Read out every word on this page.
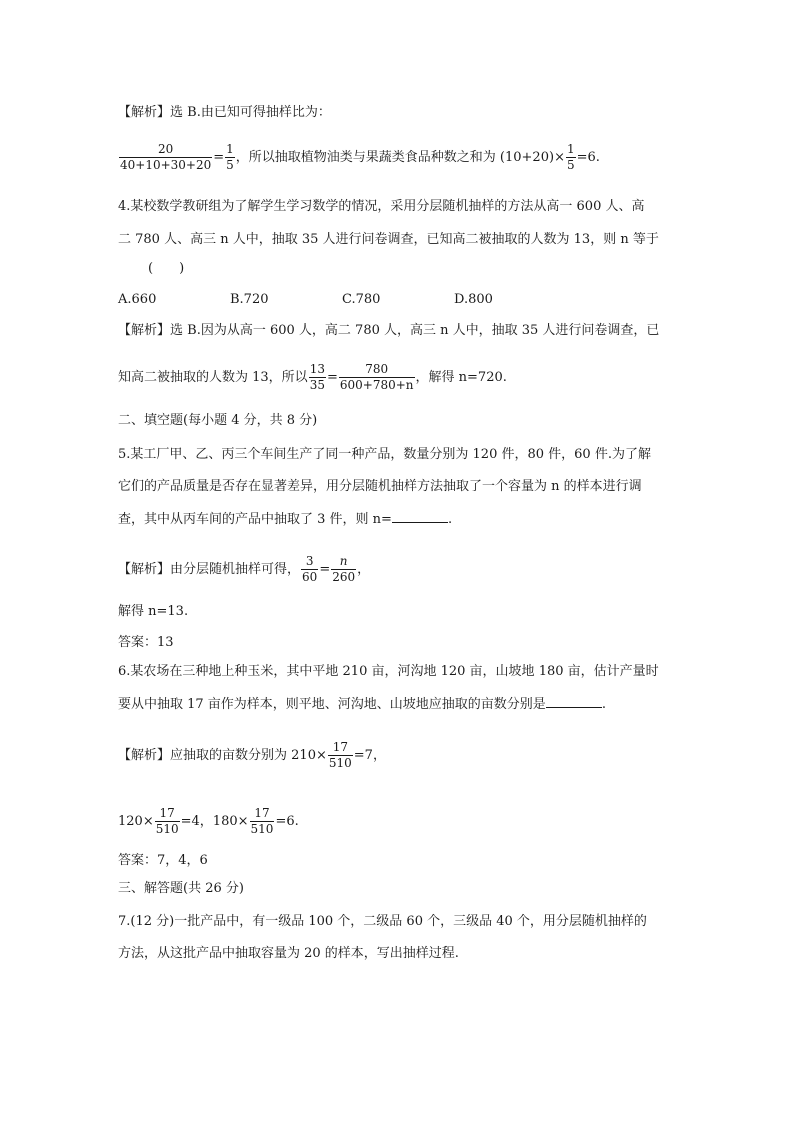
【解析】选 B.由已知可得抽样比为：
$\frac{20}{40+10+30+20} = \frac{1}{5}$ ，所以抽取植物油类与果蔬类食品种数之和为 $(10+20)\times \frac{1}{5} =6$.
4.某校数学教研组为了解学生学习数学的情况，采用分层随机抽样的方法从高一 600 人、高
二 780 人、高三 n 人中，抽取 35 人进行问卷调查，已知高二被抽取的人数为 13，则 n 等于
(　　)
A.660	B.720	C.780	D.800
【解析】选 B.因为从高一 600 人，高二 780 人，高三 n 人中，抽取 35 人进行问卷调查，已
知高二被抽取的人数为 13，所以 $\frac{13}{35} = \frac{780}{600+780+n}$ ，解得 n=720.
二、填空题(每小题 4 分，共 8 分)
5.某工厂甲、乙、丙三个车间生产了同一种产品，数量分别为 120 件，80 件，60 件.为了解
它们的产品质量是否存在显著差异，用分层随机抽样方法抽取了一个容量为 n 的样本进行调
查，其中从丙车间的产品中抽取了 3 件，则 n=	.
【解析】由分层随机抽样可得， $\frac{3}{60} = \frac{n}{260}$ ，
解得 n=13.
答案：13
6.某农场在三种地上种玉米，其中平地 210 亩，河沟地 120 亩，山坡地 180 亩，估计产量时
要从中抽取 17 亩作为样本，则平地、河沟地、山坡地应抽取的亩数分别是	.
【解析】应抽取的亩数分别为 $210\times \frac{17}{510} =7$，
$120\times \frac{17}{510} =4$，$180\times \frac{17}{510} =6$.
答案：7，4，6
三、解答题(共 26 分)
7.(12 分)一批产品中，有一级品 100 个，二级品 60 个，三级品 40 个，用分层随机抽样的
方法，从这批产品中抽取容量为 20 的样本，写出抽样过程.
